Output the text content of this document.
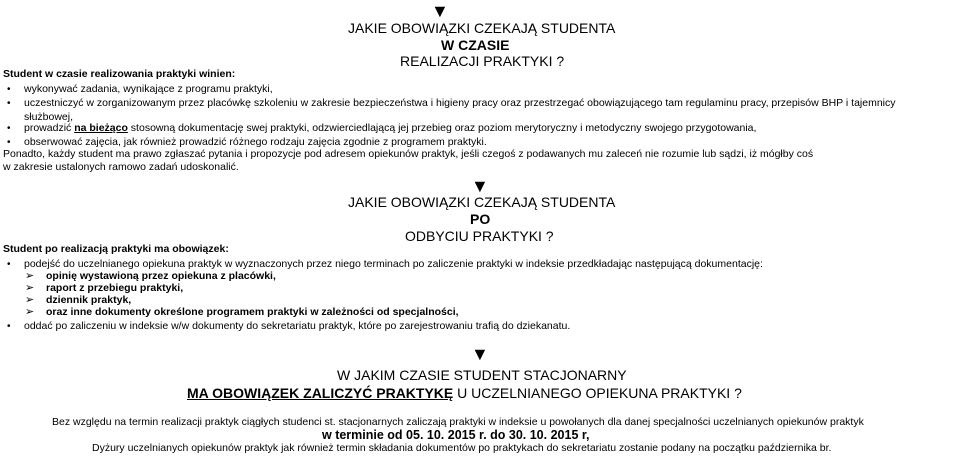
▼
JAKIE OBOWIĄZKI CZEKAJĄ STUDENTA
W CZASIE
REALIZACJI PRAKTYKI ?
Student w czasie realizowania praktyki winien:
•
wykonywać zadania, wynikające z programu praktyki,
•
uczestniczyć w zorganizowanym przez placówkę szkoleniu w zakresie bezpieczeństwa i higieny pracy oraz przestrzegać obowiązującego tam regulaminu pracy, przepisów BHP i tajemnicy
służbowej,
•
prowadzić na bieżąco stosowną dokumentację swej praktyki, odzwierciedlającą jej przebieg oraz poziom merytoryczny i metodyczny swojego przygotowania,
•
obserwować zajęcia, jak również prowadzić różnego rodzaju zajęcia zgodnie z programem praktyki.
Ponadto, każdy student ma prawo zgłaszać pytania i propozycje pod adresem opiekunów praktyk, jeśli czegoś z podawanych mu zaleceń nie rozumie lub sądzi, iż mógłby coś
w zakresie ustalonych ramowo zadań udoskonalić.
▼
JAKIE OBOWIĄZKI CZEKAJĄ STUDENTA
PO
ODBYCIU PRAKTYKI ?
Student po realizacją praktyki ma obowiązek:
•
podejść do uczelnianego opiekuna praktyk w wyznaczonych przez niego terminach po zaliczenie praktyki w indeksie przedkładając następującą dokumentację:
➢ opinię wystawioną przez opiekuna z placówki,
➢ raport z przebiegu praktyki,
➢ dziennik praktyk,
➢ oraz inne dokumenty określone programem praktyki w zależności od specjalności,
•
oddać po zaliczeniu w indeksie w/w dokumenty do sekretariatu praktyk, które po zarejestrowaniu trafią do dziekanatu.
▼
W JAKIM CZASIE STUDENT STACJONARNY
MA OBOWIĄZEK ZALICZYĆ PRAKTYKĘ U UCZELNIANEGO OPIEKUNA PRAKTYKI ?
Bez względu na termin realizacji praktyk ciągłych studenci st. stacjonarnych zaliczają praktyki w indeksie u powołanych dla danej specjalności uczelnianych opiekunów praktyk
w terminie od 05. 10. 2015 r. do 30. 10. 2015 r,
Dyżury uczelnianych opiekunów praktyk jak również termin składania dokumentów po praktykach do sekretariatu zostanie podany na początku października br.
